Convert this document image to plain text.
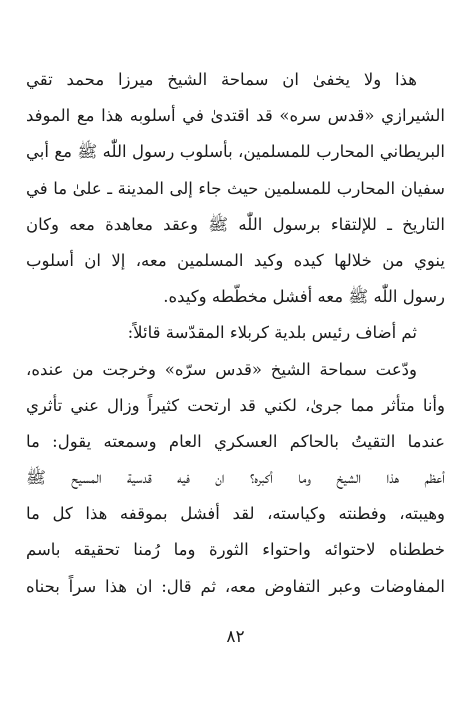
هذا ولا يخفىٰ ان سماحة الشيخ ميرزا محمد تقي
الشيرازي «قدس سره» قد اقتدىٰ في أسلوبه هذا مع الموفد
البريطاني المحارب للمسلمين، بأسلوب رسول اللّٰه ﷺ مع أبي
سفيان المحارب للمسلمين حيث جاء إلى المدينة ـ علىٰ ما في
التاريخ ـ للإلتقاء برسول اللّٰه ﷺ وعقد معاهدة معه وكان
ينوي من خلالها كيده وكيد المسلمين معه، إلا ان أسلوب
رسول اللّٰه ﷺ معه أفشل مخطّطه وكيده.
ثم أضاف رئيس بلدية كربلاء المقدّسة قائلاً:
ودّعت سماحة الشيخ «قدس سرّه» وخرجت من عنده،
وأنا متأثر مما جرىٰ، لكني قد ارتحت كثيراً وزال عني تأثري
عندما التقيتُ بالحاكم العسكري العام وسمعته يقول: ما
أعظم هذا الشيخ وما أكبره؟ ان فيه قدسية المسيح ﷺ
وهيبته، وفطنته وكياسته، لقد أفشل بموقفه هذا كل ما
خططناه لاحتوائه واحتواء الثورة وما رُمنا تحقيقه باسم
المفاوضات وعبر التفاوض معه، ثم قال: ان هذا سراً بحناه
٨٢
